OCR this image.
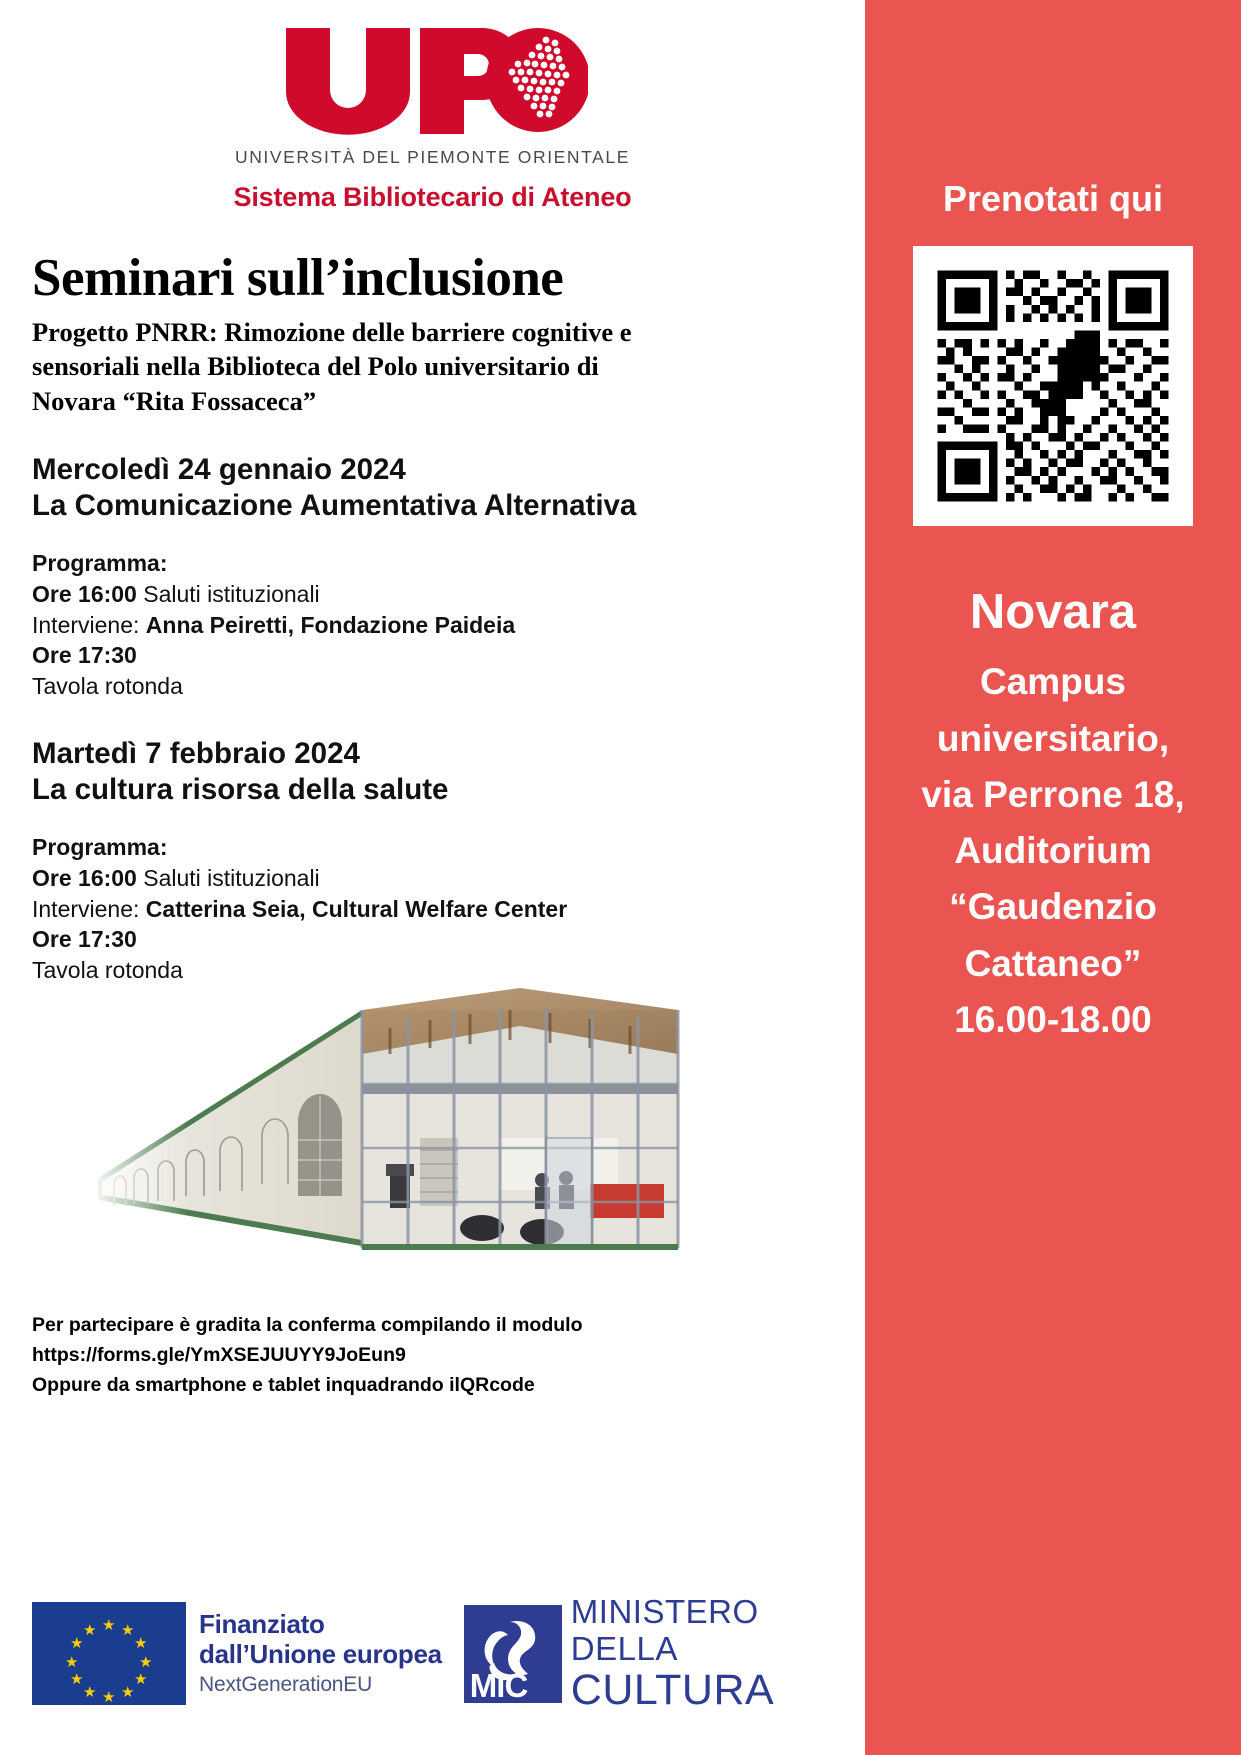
UNIVERSITÀ DEL PIEMONTE ORIENTALE
Sistema Bibliotecario di Ateneo
Seminari sull’inclusione
Progetto PNRR: Rimozione delle barriere cognitive e
sensoriali nella Biblioteca del Polo universitario di
Novara “Rita Fossaceca”
Mercoledì 24 gennaio 2024
La Comunicazione Aumentativa Alternativa
Programma:
Ore 16:00 Saluti istituzionali
Interviene: Anna Peiretti, Fondazione Paideia
Ore 17:30
Tavola rotonda
Martedì 7 febbraio 2024
La cultura risorsa della salute
Programma:
Ore 16:00 Saluti istituzionali
Interviene: Catterina Seia, Cultural Welfare Center
Ore 17:30
Tavola rotonda
Per partecipare è gradita la conferma compilando il modulo
https://forms.gle/YmXSEJUUYY9JoEun9
Oppure da smartphone e tablet inquadrando ilQRcode
★ ★
★
★
★
★
★
★
★
★
★
★	Finanziato
dall’Unione europea
NextGenerationEU	MiC
MINISTERO
DELLA
CULTURA
Prenotati qui
Novara
Campus
universitario,
via Perrone 18,
Auditorium
“Gaudenzio
Cattaneo”
16.00-18.00
